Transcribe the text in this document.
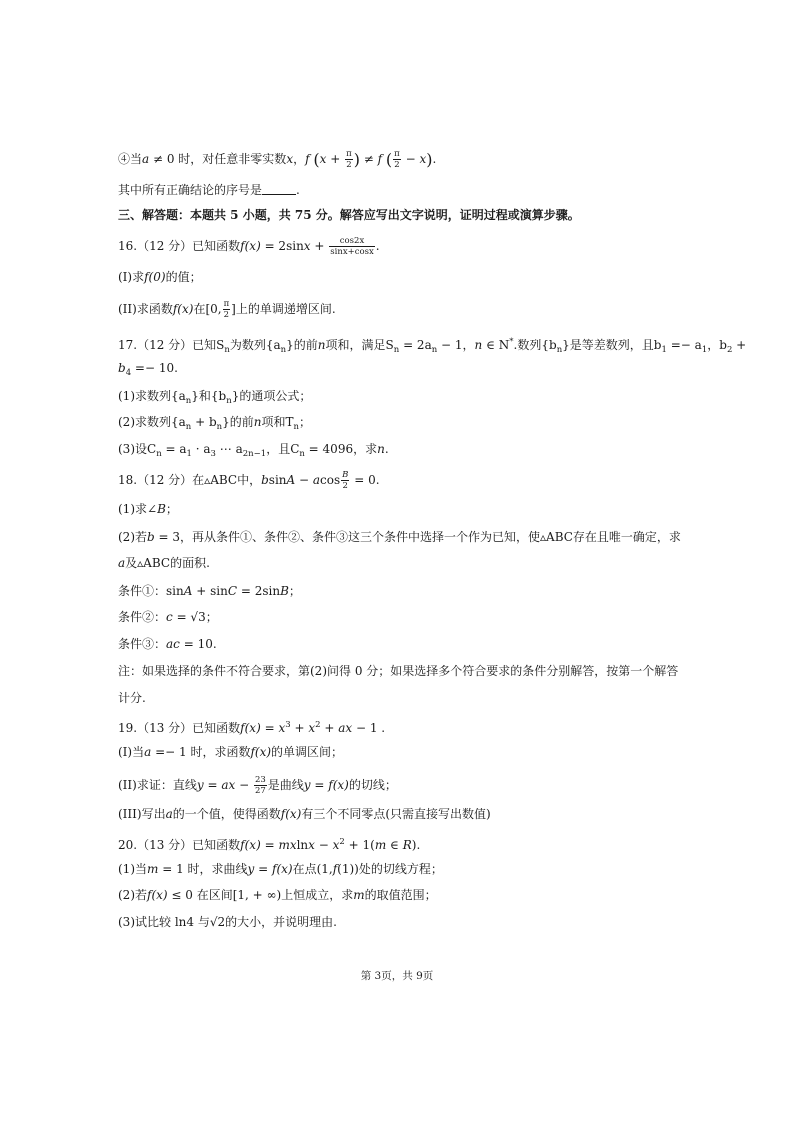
④当a ≠ 0 时，对任意非零实数x，f ($x + \frac{\pi}{2}$ ) ≠ f ( $\frac{\pi}{2} - x$).
其中所有正确结论的序号是	.
三、解答题：本题共 5 小题，共 75 分。解答应写出文字说明，证明过程或演算步骤。
16.（12 分）已知函数$f(x) = 2\sin x + \frac{\cos 2x}{\sin x+\cos x}$ .
(I)求f(0)的值；
(II)求函数f(x)在[0, $\frac{\pi}{2}$ ]上的单调递增区间.
17.（12 分）已知$S_n$为数列$\{a_n\}$的前n项和，满足$S_n = 2a_n - 1$，n ∈ N*.数列$\{b_n\}$是等差数列，且$b_1 =- a_1$，$b_2$ +
$b_4 =- 10$.
(1)求数列$\{a_n\}$和$\{b_n\}$的通项公式；
(2)求数列$\{a_n + b_n\}$的前n项和$T_n$；
(3)设$C_n = a_1 \cdot a_3$ ⋯ $a_{2n-1}$，且$C_n = 4096$，求n.
18.（12 分）在▵ABC中，bsinA − acos $\frac{B}{2} = 0$.
(1)求∠B；
(2)若b = 3，再从条件①、条件②、条件③这三个条件中选择一个作为已知，使▵ABC存在且唯一确定，求
a及▵ABC的面积.
条件①：sinA + sinC = 2sinB；
条件②：c = √3；
条件③：ac = 10.
注：如果选择的条件不符合要求，第(2)问得 0 分；如果选择多个符合要求的条件分别解答，按第一个解答
计分.
19.（13 分）已知函数$f(x) = x^3 + x^2$ + ax − 1 .
(I)当a =− 1 时，求函数f(x)的单调区间；
(II)求证：直线y = ax − $\frac{23}{27}$ 是曲线y = f(x)的切线；
(III)写出a的一个值，使得函数f(x)有三个不同零点(只需直接写出数值)
20.（13 分）已知函数$f(x) = mxlnx - x^2 + 1(m$ ∈ R).
(1)当m = 1 时，求曲线y = f(x)在点(1,f(1))处的切线方程；
(2)若f(x) ≤ 0 在区间[1, + ∞)上恒成立，求m的取值范围；
(3)试比较 ln4 与√2的大小，并说明理由.
第 3页，共 9页
